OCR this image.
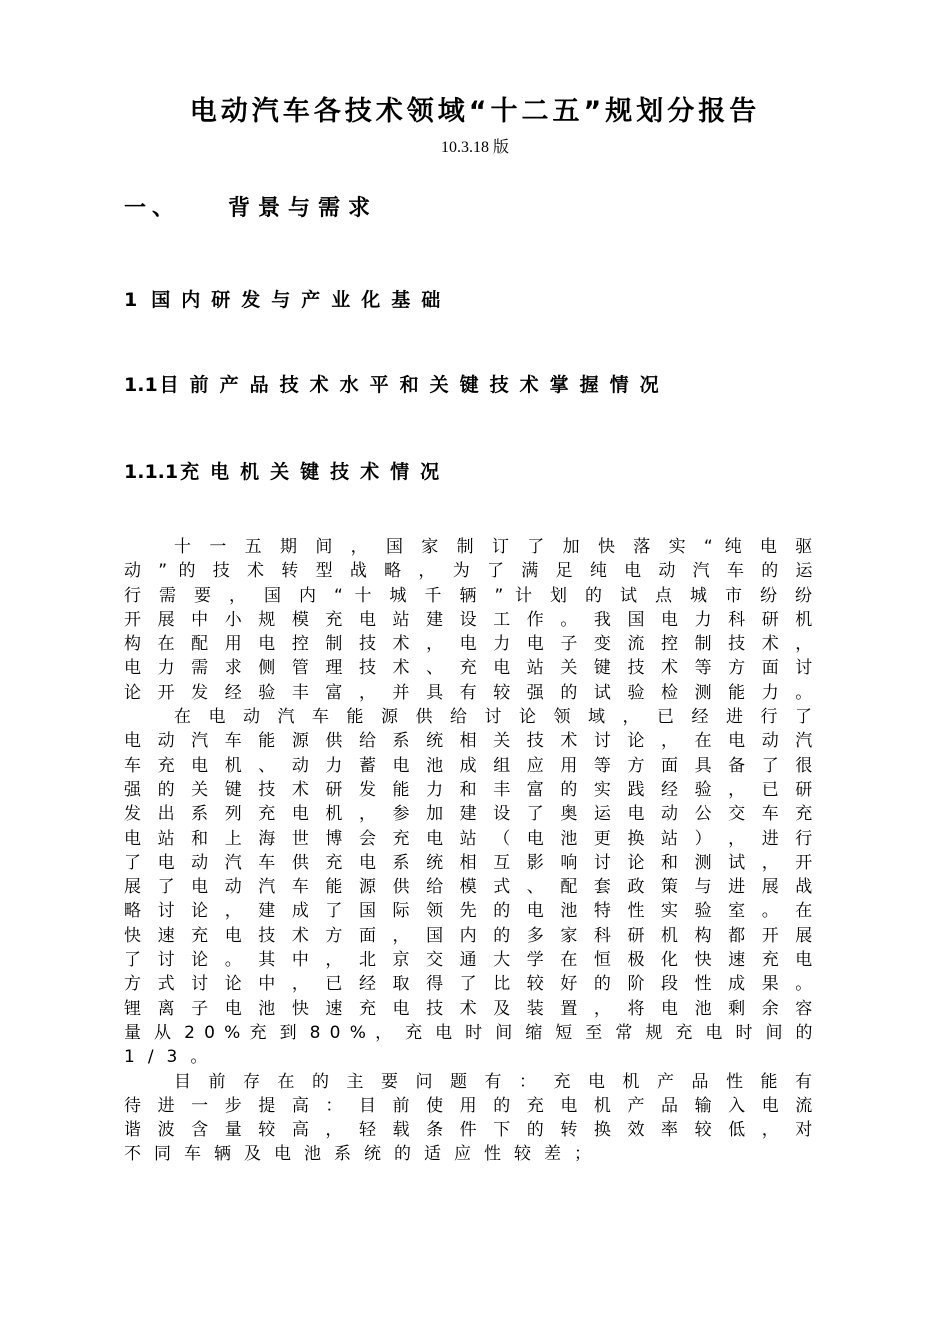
电动汽车各技术领域“十二五”规划分报告
10.3.18 版
一、 背景与需求
1 国内研发与产业化基础
1.1 目前产品技术水平和关键技术掌握情况
1.1.1 充电机关键技术情况
十 一 五 期 间 ， 国 家 制 订 了 加 快 落 实 “ 纯 电 驱
动 ” 的 技 术 转 型 战 略 ， 为 了 满 足 纯 电 动 汽 车 的 运
行 需 要 ， 国 内 “ 十 城 千 辆 ” 计 划 的 试 点 城 市 纷 纷
开 展 中 小 规 模 充 电 站 建 设 工 作 。 我 国 电 力 科 研 机
构 在 配 用 电 控 制 技 术 ， 电 力 电 子 变 流 控 制 技 术 ，
电 力 需 求 侧 管 理 技 术 、 充 电 站 关 键 技 术 等 方 面 讨
论 开 发 经 验 丰 富 ， 并 具 有 较 强 的 试 验 检 测 能 力 。
在 电 动 汽 车 能 源 供 给 讨 论 领 域 ， 已 经 进 行 了
电 动 汽 车 能 源 供 给 系 统 相 关 技 术 讨 论 ， 在 电 动 汽
车 充 电 机 、 动 力 蓄 电 池 成 组 应 用 等 方 面 具 备 了 很
强 的 关 键 技 术 研 发 能 力 和 丰 富 的 实 践 经 验 ， 已 研
发 出 系 列 充 电 机 ， 参 加 建 设 了 奥 运 电 动 公 交 车 充
电 站 和 上 海 世 博 会 充 电 站 （ 电 池 更 换 站 ） ， 进 行
了 电 动 汽 车 供 充 电 系 统 相 互 影 响 讨 论 和 测 试 ， 开
展 了 电 动 汽 车 能 源 供 给 模 式 、 配 套 政 策 与 进 展 战
略 讨 论 ， 建 成 了 国 际 领 先 的 电 池 特 性 实 验 室 。 在
快 速 充 电 技 术 方 面 ， 国 内 的 多 家 科 研 机 构 都 开 展
了 讨 论 。 其 中 ， 北 京 交 通 大 学 在 恒 极 化 快 速 充 电
方 式 讨 论 中 ， 已 经 取 得 了 比 较 好 的 阶 段 性 成 果 。
锂 离 子 电 池 快 速 充 电 技 术 及 装 置 ， 将 电 池 剩 余 容
量 从 2 0 % 充 到 8 0 % ， 充 电 时 间 缩 短 至 常 规 充 电 时 间 的
1/3。
目 前 存 在 的 主 要 问 题 有 ： 充 电 机 产 品 性 能 有
待 进 一 步 提 高 ： 目 前 使 用 的 充 电 机 产 品 输 入 电 流
谐 波 含 量 较 高 ， 轻 载 条 件 下 的 转 换 效 率 较 低 ， 对
不同车辆及电池系统的适应性较差；
